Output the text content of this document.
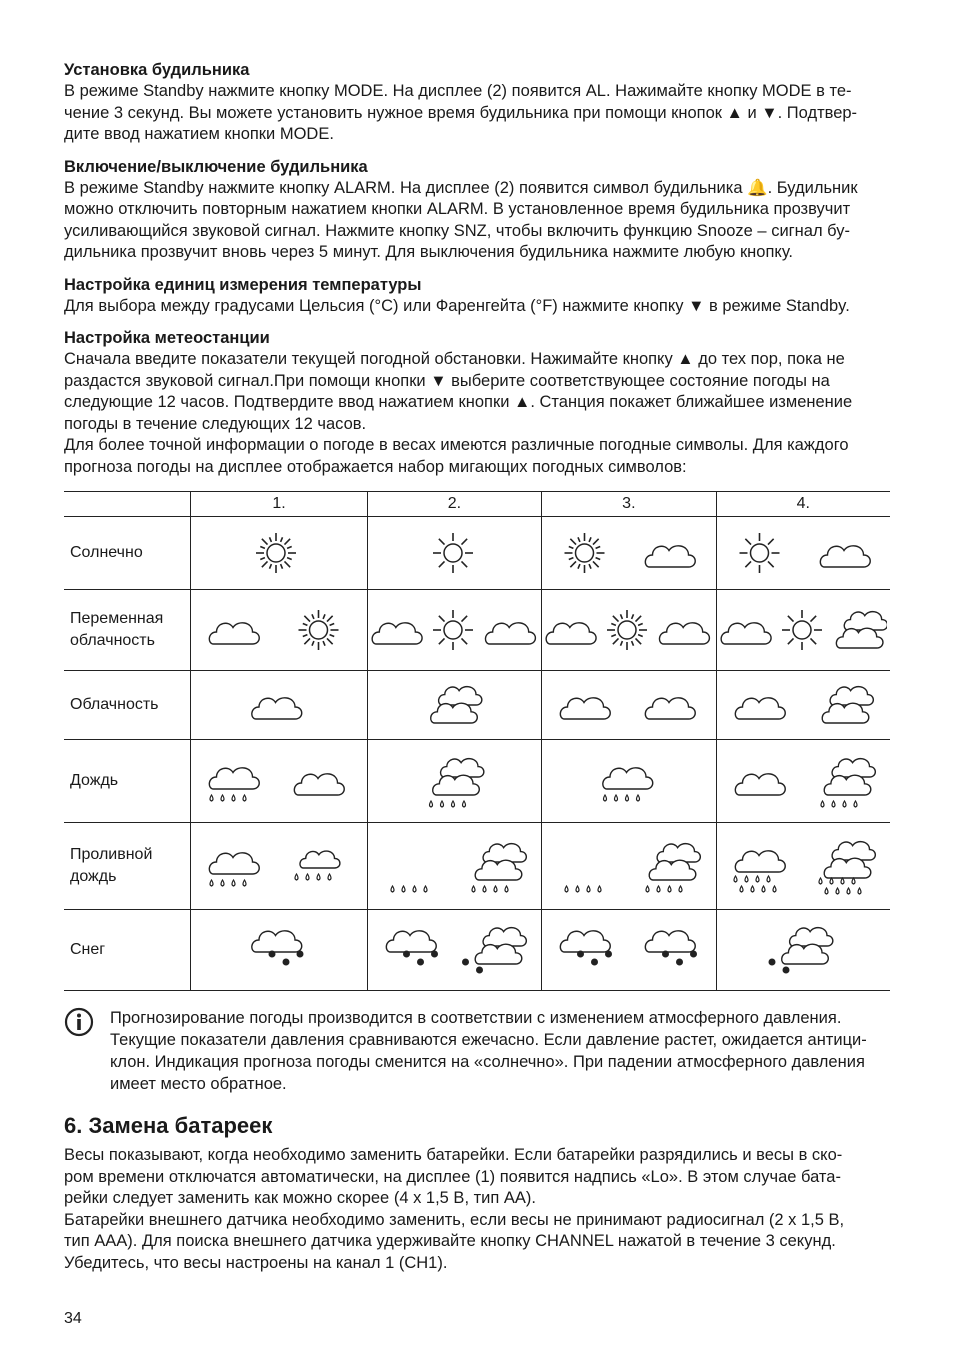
Установка будильника

В режиме Standby нажмите кнопку MODE. На дисплее (2) появится AL. Нажимайте кнопку MODE в те-
чение 3 секунд. Вы можете установить нужное время будильника при помощи кнопок ▲ и ▼. Подтвер-
дите ввод нажатием кнопки MODE.

Включение/выключение будильника

В режиме Standby нажмите кнопку ALARM. На дисплее (2) появится символ будильника 🔔. Будильник
можно отключить повторным нажатием кнопки ALARM. В установленное время будильника прозвучит
усиливающийся звуковой сигнал. Нажмите кнопку SNZ, чтобы включить функцию Snooze – сигнал бу-
дильника прозвучит вновь через 5 минут. Для выключения будильника нажмите любую кнопку.

Настройка единиц измерения температуры

Для выбора между градусами Цельсия (°C) или Фаренгейта (°F) нажмите кнопку ▼ в режиме Standby.

Настройка метеостанции

Сначала введите показатели текущей погодной обстановки. Нажимайте кнопку ▲ до тех пор, пока не
раздастся звуковой сигнал.При помощи кнопки ▼ выберите соответствующее состояние погоды на
следующие 12 часов. Подтвердите ввод нажатием кнопки ▲. Станция покажет ближайшее изменение
погоды в течение следующих 12 часов.
Для более точной информации о погоде в весах имеются различные погодные символы. Для каждого
прогноза погоды на дисплее отображается набор мигающих погодных символов:

	1.	2.	3.	4.
Солнечно	

Переменная облачность	

Облачность	

Дождь	

Проливной дождь	

Снег	

Прогнозирование погоды производится в соответствии с изменением атмосферного давления.
Текущие показатели давления сравниваются ежечасно. Если давление растет, ожидается антици-
клон. Индикация прогноза погоды сменится на «солнечно». При падении атмосферного давления
имеет место обратное.

6. Замена батареек

Весы показывают, когда необходимо заменить батарейки. Если батарейки разрядились и весы в ско-
ром времени отключатся автоматически, на дисплее (1) появится надпись «Lo». В этом случае бата-
рейки следует заменить как можно скорее (4 x 1,5 В, тип AA).
Батарейки внешнего датчика необходимо заменить, если весы не принимают радиосигнал (2 x 1,5 В,
тип AAA). Для поиска внешнего датчика удерживайте кнопку CHANNEL нажатой в течение 3 секунд.
Убедитесь, что весы настроены на канал 1 (CH1).

34
